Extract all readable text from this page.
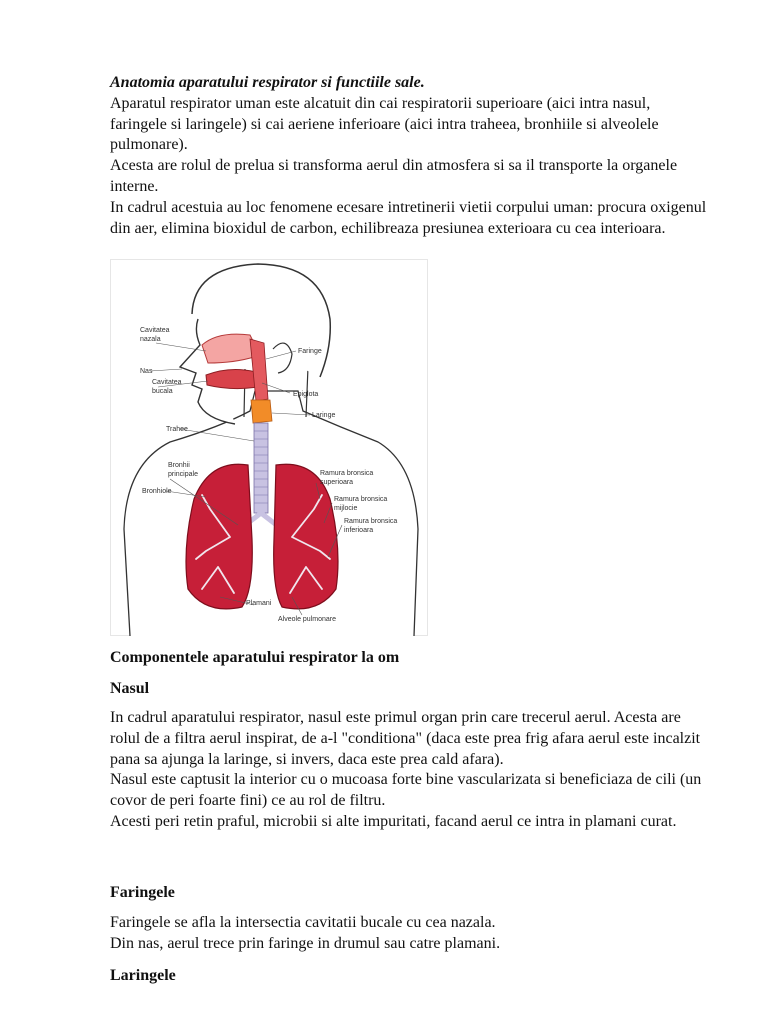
Anatomia aparatului respirator si functiile sale.
Aparatul respirator uman este alcatuit din cai respiratorii superioare (aici intra nasul, faringele si laringele) si cai aeriene inferioare (aici intra traheea, bronhiile si alveolele pulmonare).
Acesta are rolul de prelua si transforma aerul din atmosfera si sa il transporte la organele interne.
In cadrul acestuia au loc fenomene ecesare intretinerii vietii corpului uman: procura oxigenul din aer, elimina bioxidul de carbon, echilibreaza presiunea exterioara cu cea interioara.
Cavitatea nazala
Nas
Cavitatea bucala
Faringe
Epiglota
Laringe
Trahee
Bronhii principale
Bronhiole
Ramura bronsica superioara
Ramura bronsica mijlocie
Ramura bronsica inferioara
Plamani
Alveole pulmonare
Componentele aparatului respirator la om
Nasul
In cadrul aparatului respirator, nasul este primul organ prin care trecerul aerul. Acesta are rolul de a filtra aerul inspirat, de a-l "conditiona" (daca este prea frig afara aerul este incalzit pana sa ajunga la laringe, si invers, daca este prea cald afara).
Nasul este captusit la interior cu o mucoasa forte bine vascularizata si beneficiaza de cili (un covor de peri foarte fini) ce au rol de filtru.
Acesti peri retin praful, microbii si alte impuritati, facand aerul ce intra in plamani curat.
Faringele
Faringele se afla la intersectia cavitatii bucale cu cea nazala.
Din nas, aerul trece prin faringe in drumul sau catre plamani.
Laringele
